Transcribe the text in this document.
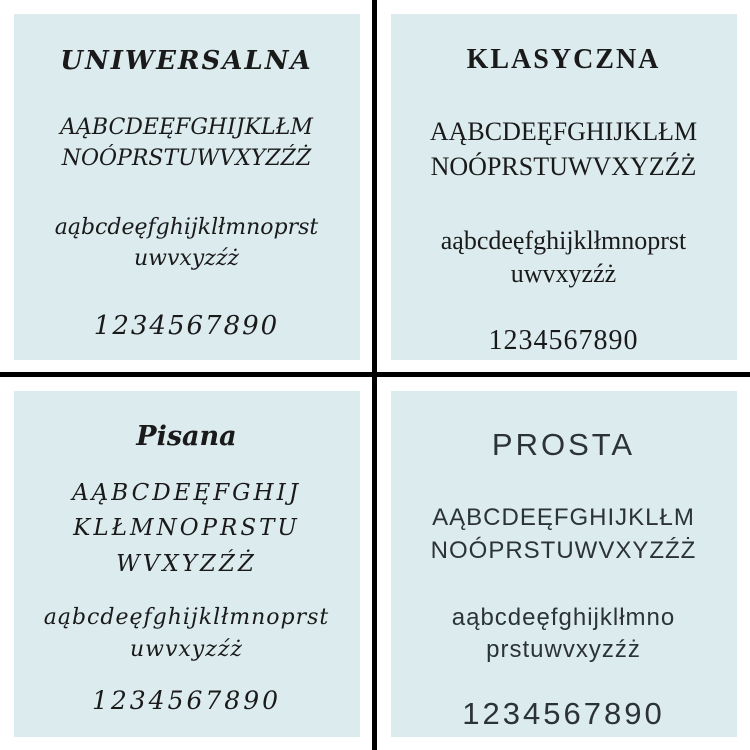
UNIWERSALNA
AĄBCDEĘFGHIJKLŁM
NOÓPRSTUWVXYZŹŻ
aąbcdeęfghijklłmnoprst
uwvxyzźż
1234567890
KLASYCZNA
AĄBCDEĘFGHIJKLŁM
NOÓPRSTUWVXYZŹŻ
aąbcdeęfghijklłmnoprst
uwvxyzźż
1234567890
Pisana
AĄBCDEĘFGHIJ
KLŁMNOPRSTU
WVXYZŹŻ
aąbcdeęfghijklłmnoprst
uwvxyzźż
1234567890
PROSTA
AĄBCDEĘFGHIJKLŁM
NOÓPRSTUWVXYZŹŻ
aąbcdeęfghijklłmno
prstuwvxyzźż
1234567890
